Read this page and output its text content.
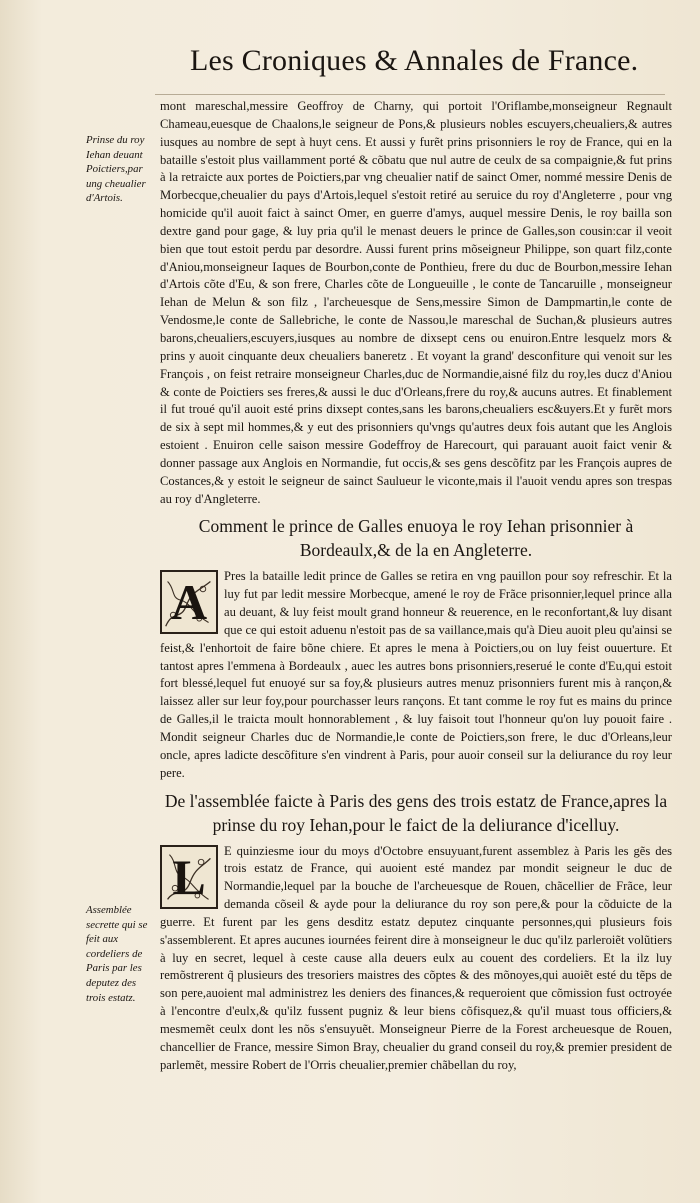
Les Croniques & Annales de France.
Prinse du roy Iehan deuant Poictiers,par ung cheualier d'Artois.
Assemblée secrette qui se feit aux cordeliers de Paris par les deputez des trois estatz.

mont mareschal,messire Geoffroy de Charny, qui portoit l'Oriflambe,monseigneur Regnault Chameau,euesque de Chaalons,le seigneur de Pons,& plusieurs nobles escuyers,cheualiers,& autres iusques au nombre de sept à huyt cens. Et aussi y furẽt prins prisonniers le roy de France, qui en la bataille s'estoit plus vaillamment porté & cõbatu que nul autre de ceulx de sa compaignie,& fut prins à la retraicte aux portes de Poictiers,par vng cheualier natif de sainct Omer, nommé messire Denis de Morbecque,cheualier du pays d'Artois,lequel s'estoit retiré au seruice du roy d'Angleterre , pour vng homicide qu'il auoit faict à sainct Omer, en guerre d'amys, auquel messire Denis, le roy bailla son dextre gand pour gage, & luy pria qu'il le menast deuers le prince de Galles,son cousin:car il veoit bien que tout estoit perdu par desordre. Aussi furent prins mõseigneur Philippe, son quart filz,conte d'Aniou,monseigneur Iaques de Bourbon,conte de Ponthieu, frere du duc de Bourbon,messire Iehan d'Artois cõte d'Eu, & son frere, Charles cõte de Longueuille , le conte de Tancaruille , monseigneur Iehan de Melun & son filz , l'archeuesque de Sens,messire Simon de Dampmartin,le conte de Vendosme,le conte de Sallebriche, le conte de Nassou,le mareschal de Suchan,& plusieurs autres barons,cheualiers,escuyers,iusques au nombre de dixsept cens ou enuiron.Entre lesquelz mors & prins y auoit cinquante deux cheualiers baneretz . Et voyant la grand' desconfiture qui venoit sur les François , on feist retraire monseigneur Charles,duc de Normandie,aisné filz du roy,les ducz d'Aniou & conte de Poictiers ses freres,& aussi le duc d'Orleans,frere du roy,& aucuns autres. Et finablement il fut troué qu'il auoit esté prins dixsept contes,sans les barons,cheualiers esc&uyers.Et y furẽt mors de six à sept mil hommes,& y eut des prisonniers qu'vngs qu'autres deux fois autant que les Anglois estoient . Enuiron celle saison messire Godeffroy de Harecourt, qui parauant auoit faict venir & donner passage aux Anglois en Normandie, fut occis,& ses gens descõfitz par les François aupres de Costances,& y estoit le seigneur de sainct Saulueur le viconte,mais il l'auoit vendu apres son trespas au roy d'Angleterre.

Comment le prince de Galles enuoya le roy Iehan prisonnier à Bordeaulx,& de la en Angleterre.
A	Pres la bataille ledit prince de Galles se retira en vng pauillon pour soy refreschir. Et la luy fut par ledit messire Morbecque, amené le roy de Frãce prisonnier,lequel prince alla au deuant, & luy feist moult grand honneur & reuerence, en le reconfortant,& luy disant que ce qui estoit aduenu n'estoit pas de sa vaillance,mais qu'à Dieu auoit pleu qu'ainsi se feist,& l'enhortoit de faire bõne chiere. Et apres le mena à Poictiers,ou on luy feist ouuerture. Et tantost apres l'emmena à Bordeaulx , auec les autres bons prisonniers,reserué le conte d'Eu,qui estoit fort blessé,lequel fut enuoyé sur sa foy,& plusieurs autres menuz prisonniers furent mis à rançon,& laissez aller sur leur foy,pour pourchasser leurs rançons. Et tant comme le roy fut es mains du prince de Galles,il le traicta moult honnorablement , & luy faisoit tout l'honneur qu'on luy pouoit faire . Mondit seigneur Charles duc de Normandie,le conte de Poictiers,son frere, le duc d'Orleans,leur oncle, apres ladicte descõfiture s'en vindrent à Paris, pour auoir conseil sur la deliurance du roy leur pere.

De l'assemblée faicte à Paris des gens des trois estatz de France,apres la prinse du roy Iehan,pour le faict de la deliurance d'icelluy.
L	E quinziesme iour du moys d'Octobre ensuyuant,furent assemblez à Paris les gẽs des trois estatz de France, qui auoient esté mandez par mondit seigneur le duc de Normandie,lequel par la bouche de l'archeuesque de Rouen, chãcellier de Frãce, leur demanda cõseil & ayde pour la deliurance du roy son pere,& pour la cõduicte de la guerre. Et furent par les gens desditz estatz deputez cinquante personnes,qui plusieurs fois s'assemblerent. Et apres aucunes iournées feirent dire à monseigneur le duc qu'ilz parleroiẽt volũtiers à luy en secret, lequel à ceste cause alla deuers eulx au couent des cordeliers. Et la ilz luy remõstrerent q̃ plusieurs des tresoriers maistres des cõptes & des mõnoyes,qui auoiẽt esté du tẽps de son pere,auoient mal administrez les deniers des finances,& requeroient que cõmission fust octroyée à l'encontre d'eulx,& qu'ilz fussent pugniz & leur biens cõfisquez,& qu'il muast tous officiers,& mesmemẽt ceulx dont les nõs s'ensuyuẽt. Monseigneur Pierre de la Forest archeuesque de Rouen, chancellier de France, messire Simon Bray, cheualier du grand conseil du roy,& premier president de parlemẽt, messire Robert de l'Orris cheualier,premier chãbellan du roy,
